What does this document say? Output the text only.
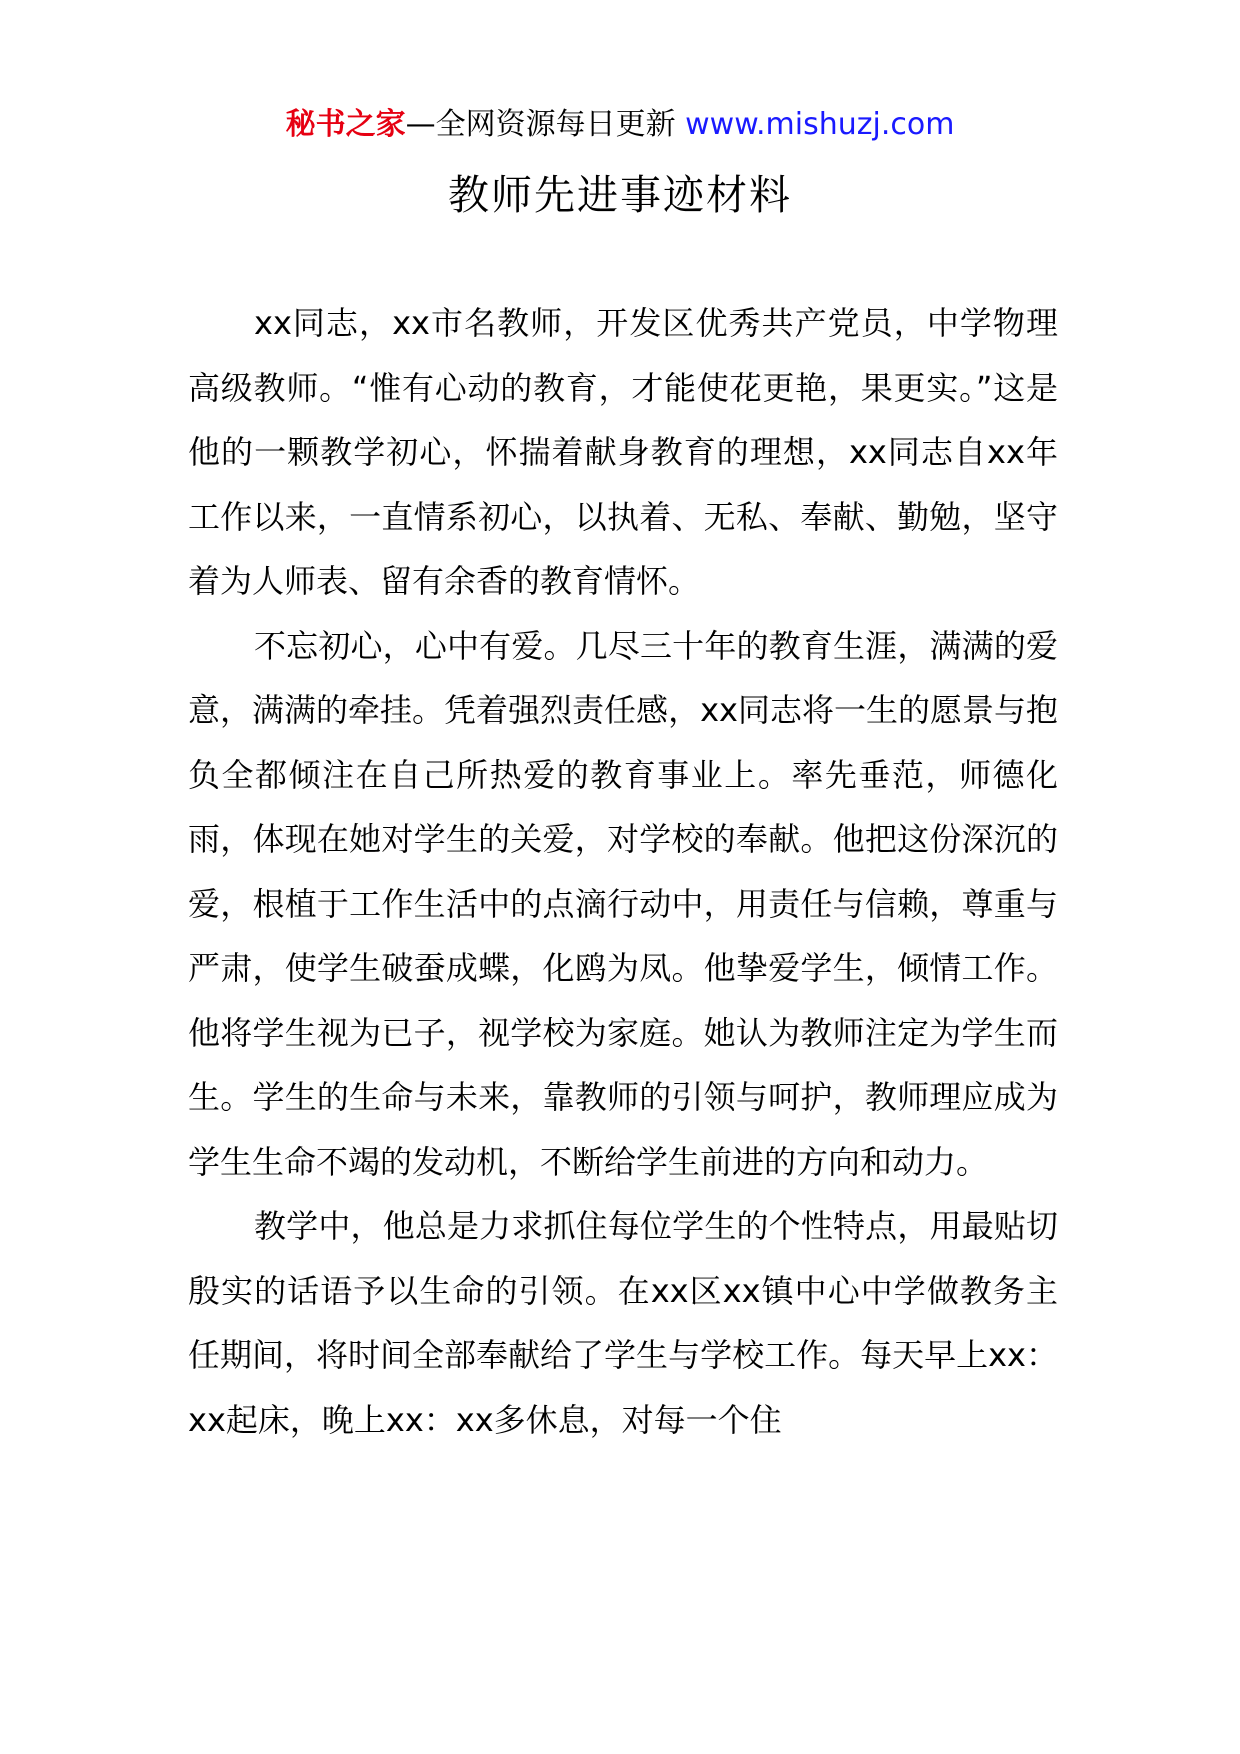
秘书之家—全网资源每日更新 www.mishuzj.com
教师先进事迹材料

xx同志，xx市名教师，开发区优秀共产党员，中学物理高级教师。“惟有心动的教育，才能使花更艳，果更实。”这是他的一颗教学初心，怀揣着献身教育的理想，xx同志自xx年工作以来，一直情系初心，以执着、无私、奉献、勤勉，坚守着为人师表、留有余香的教育情怀。

不忘初心，心中有爱。几尽三十年的教育生涯，满满的爱意，满满的牵挂。凭着强烈责任感，xx同志将一生的愿景与抱负全都倾注在自己所热爱的教育事业上。率先垂范，师德化雨，体现在她对学生的关爱，对学校的奉献。他把这份深沉的爱，根植于工作生活中的点滴行动中，用责任与信赖，尊重与严肃，使学生破蚕成蝶，化鸥为凤。他挚爱学生，倾情工作。他将学生视为已子，视学校为家庭。她认为教师注定为学生而生。学生的生命与未来，靠教师的引领与呵护，教师理应成为学生生命不竭的发动机，不断给学生前进的方向和动力。

教学中，他总是力求抓住每位学生的个性特点，用最贴切殷实的话语予以生命的引领。在xx区xx镇中心中学做教务主任期间，将时间全部奉献给了学生与学校工作。每天早上xx：xx起床，晚上xx：xx多休息，对每一个住
